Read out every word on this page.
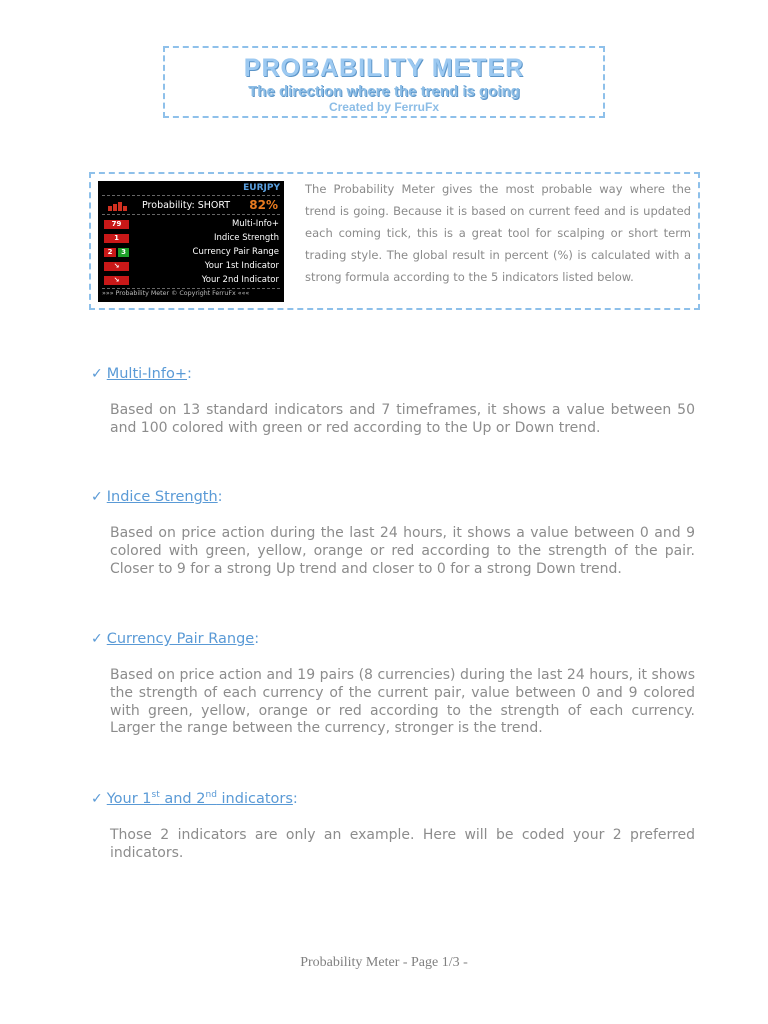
PROBABILITY METER
The direction where the trend is going
Created by FerruFx
EURJPY
Probability: SHORT 82%
79	Multi-Info+
1	Indice Strength
2	3	Currency Pair Range
↘	Your 1st Indicator
↘	Your 2nd Indicator
»»» Probability Meter © Copyright FerruFx «««
The Probability Meter gives the most probable way where the trend is going. Because it is based on current feed and is updated each coming tick, this is a great tool for scalping or short term trading style. The global result in percent (%) is calculated with a strong formula according to the 5 indicators listed below.
✓ Multi-Info+:
Based on 13 standard indicators and 7 timeframes, it shows a value between 50 and 100 colored with green or red according to the Up or Down trend.
✓ Indice Strength:
Based on price action during the last 24 hours, it shows a value between 0 and 9 colored with green, yellow, orange or red according to the strength of the pair. Closer to 9 for a strong Up trend and closer to 0 for a strong Down trend.
✓ Currency Pair Range:
Based on price action and 19 pairs (8 currencies) during the last 24 hours, it shows the strength of each currency of the current pair, value between 0 and 9 colored with green, yellow, orange or red according to the strength of each currency. Larger the range between the currency, stronger is the trend.
✓ Your 1st and 2nd indicators:
Those 2 indicators are only an example. Here will be coded your 2 preferred indicators.
Probability Meter - Page 1/3 -
